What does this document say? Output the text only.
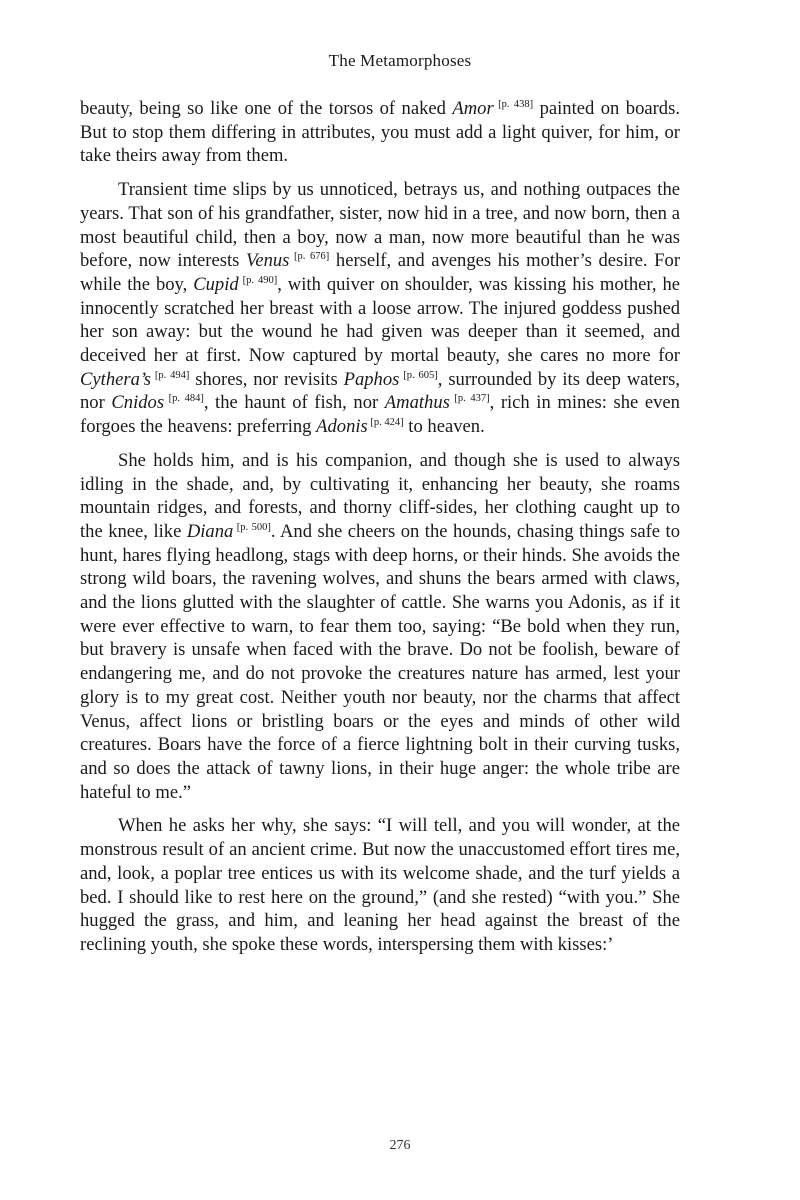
The Metamorphoses

beauty, being so like one of the torsos of naked Amor [p. 438] painted on boards. But to stop them differing in attributes, you must add a light quiver, for him, or take theirs away from them.

Transient time slips by us unnoticed, betrays us, and nothing outpaces the years. That son of his grandfather, sister, now hid in a tree, and now born, then a most beautiful child, then a boy, now a man, now more beautiful than he was before, now interests Venus [p. 676] herself, and avenges his mother’s desire. For while the boy, Cupid [p. 490], with quiver on shoulder, was kissing his mother, he innocently scratched her breast with a loose arrow. The injured goddess pushed her son away: but the wound he had given was deeper than it seemed, and deceived her at first. Now captured by mortal beauty, she cares no more for Cythera’s [p. 494] shores, nor revisits Paphos [p. 605], surrounded by its deep waters, nor Cnidos [p. 484], the haunt of fish, nor Amathus [p. 437], rich in mines: she even forgoes the heavens: preferring Adonis [p. 424] to heaven.

She holds him, and is his companion, and though she is used to always idling in the shade, and, by cultivating it, enhancing her beauty, she roams mountain ridges, and forests, and thorny cliff-sides, her clothing caught up to the knee, like Diana [p. 500]. And she cheers on the hounds, chasing things safe to hunt, hares flying headlong, stags with deep horns, or their hinds. She avoids the strong wild boars, the ravening wolves, and shuns the bears armed with claws, and the lions glutted with the slaughter of cattle. She warns you Adonis, as if it were ever effective to warn, to fear them too, saying: “Be bold when they run, but bravery is unsafe when faced with the brave. Do not be foolish, beware of endangering me, and do not provoke the creatures nature has armed, lest your glory is to my great cost. Neither youth nor beauty, nor the charms that affect Venus, affect lions or bristling boars or the eyes and minds of other wild creatures. Boars have the force of a fierce lightning bolt in their curving tusks, and so does the attack of tawny lions, in their huge anger: the whole tribe are hateful to me.”

When he asks her why, she says: “I will tell, and you will wonder, at the monstrous result of an ancient crime. But now the unaccustomed effort tires me, and, look, a poplar tree entices us with its welcome shade, and the turf yields a bed. I should like to rest here on the ground,” (and she rested) “with you.” She hugged the grass, and him, and leaning her head against the breast of the reclining youth, she spoke these words, interspersing them with kisses:’

276
